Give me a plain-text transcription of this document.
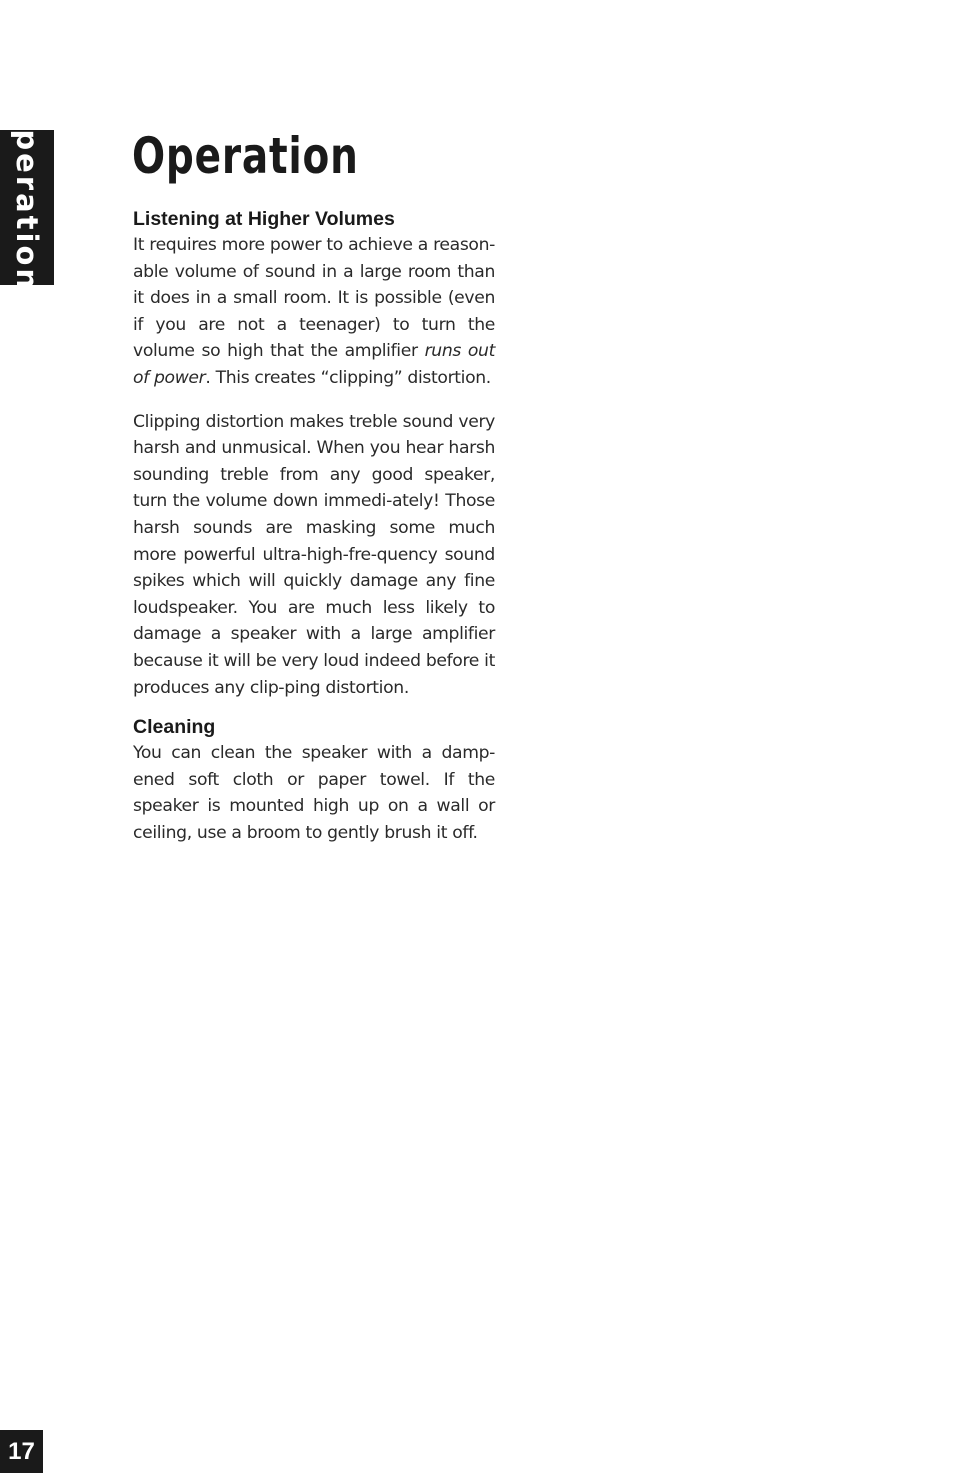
Operations Operation
Listening at Higher Volumes

It requires more power to achieve a reason-able volume of sound in a large room than it does in a small room. It is possible (even if you are not a teenager) to turn the volume so high that the amplifier runs out of power. This creates “clipping” distortion.

Clipping distortion makes treble sound very harsh and unmusical. When you hear harsh sounding treble from any good speaker, turn the volume down immedi-ately! Those harsh sounds are masking some much more powerful ultra-high-fre-quency sound spikes which will quickly damage any fine loudspeaker. You are much less likely to damage a speaker with a large amplifier because it will be very loud indeed before it produces any clip-ping distortion.

Cleaning

You can clean the speaker with a damp-ened soft cloth or paper towel. If the speaker is mounted high up on a wall or ceiling, use a broom to gently brush it off.

17
